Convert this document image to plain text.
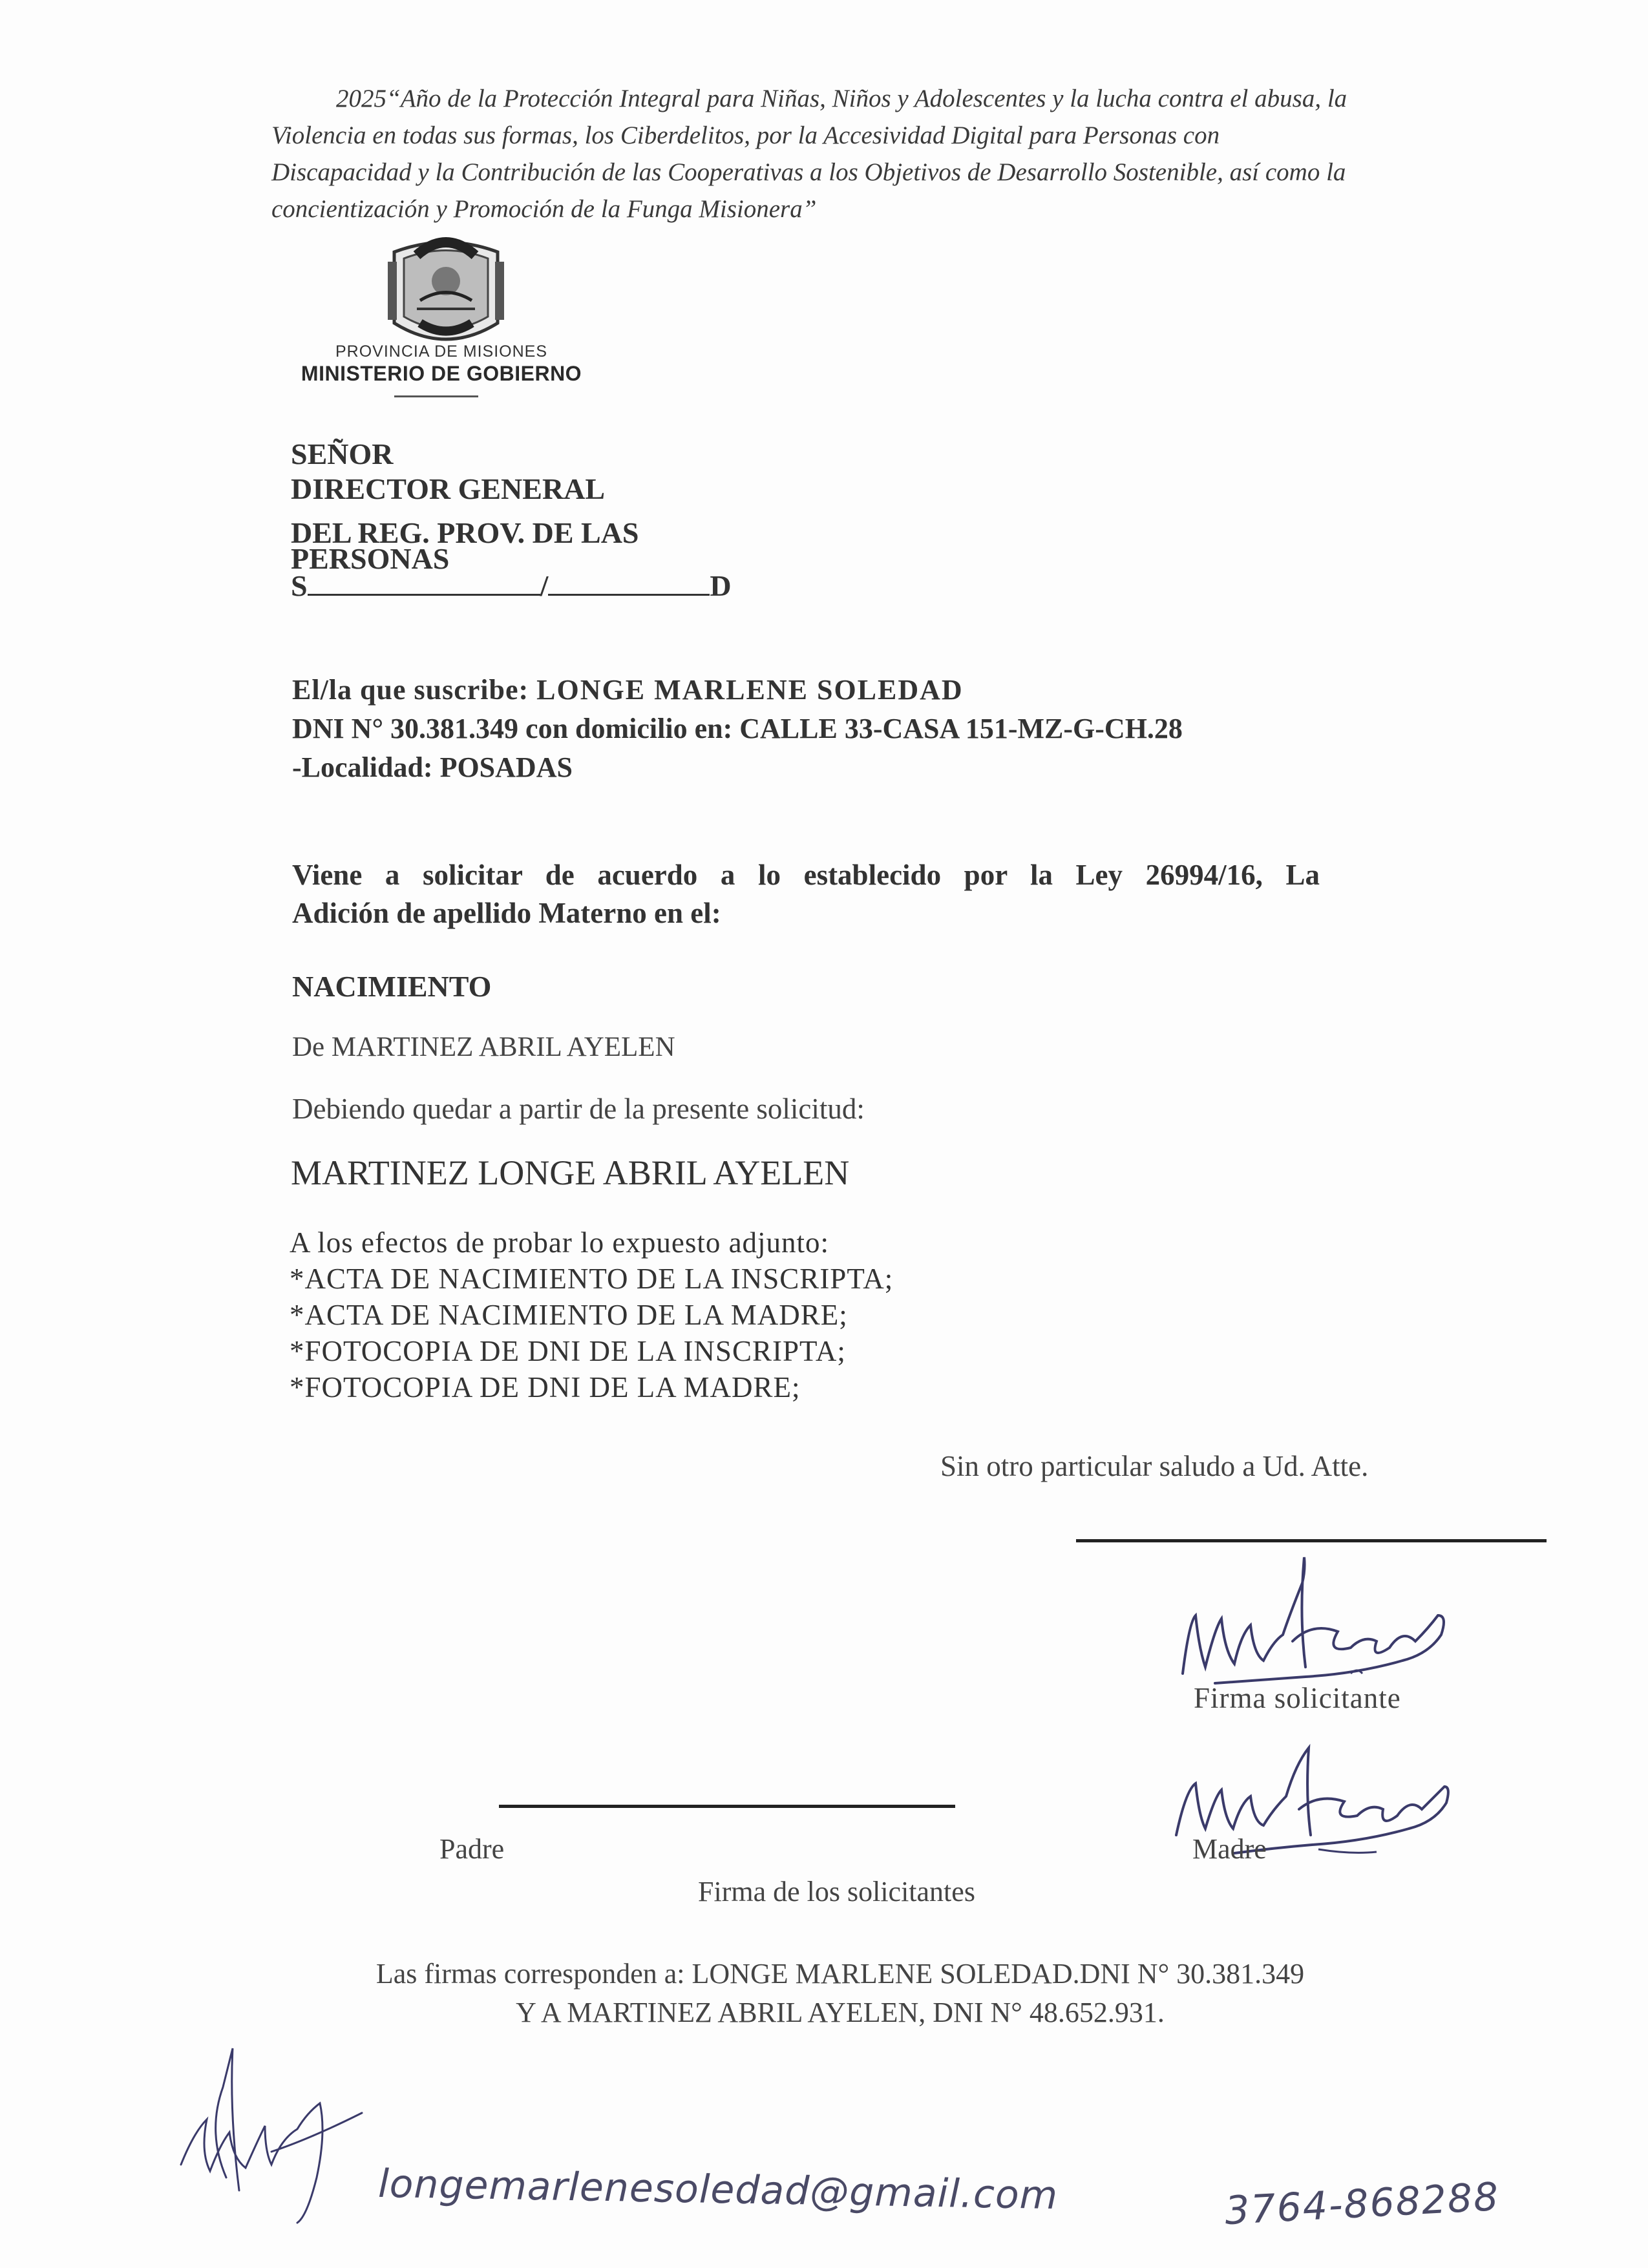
2025“Año de la Protección Integral para Niñas, Niños y Adolescentes y la lucha contra el abusa, la
Violencia en todas sus formas, los Ciberdelitos, por la Accesividad Digital para Personas con
Discapacidad y la Contribución de las Cooperativas a los Objetivos de Desarrollo Sostenible, así como la
concientización y Promoción de la Funga Misionera”
PROVINCIA DE MISIONES
MINISTERIO DE GOBIERNO
SEÑOR
DIRECTOR GENERAL
DEL REG. PROV. DE LAS
PERSONAS
S	/	D
El/la que suscribe: LONGE MARLENE SOLEDAD
DNI N° 30.381.349 con domicilio en: CALLE 33-CASA 151-MZ-G-CH.28
-Localidad: POSADAS
Viene a solicitar de acuerdo a lo establecido por la Ley 26994/16, La
Adición de apellido Materno en el:
NACIMIENTO
De MARTINEZ ABRIL AYELEN
Debiendo quedar a partir de la presente solicitud:
MARTINEZ LONGE ABRIL AYELEN
A los efectos de probar lo expuesto adjunto:
*ACTA DE NACIMIENTO DE LA INSCRIPTA;
*ACTA DE NACIMIENTO DE LA MADRE;
*FOTOCOPIA DE DNI DE LA INSCRIPTA;
*FOTOCOPIA DE DNI DE LA MADRE;
Sin otro particular saludo a Ud. Atte.
Firma solicitante
Padre	Madre
Firma de los solicitantes
Las firmas corresponden a: LONGE MARLENE SOLEDAD.DNI N° 30.381.349
Y A MARTINEZ ABRIL AYELEN, DNI N° 48.652.931.
longemarlenesoledad@gmail.com	3764-868288
